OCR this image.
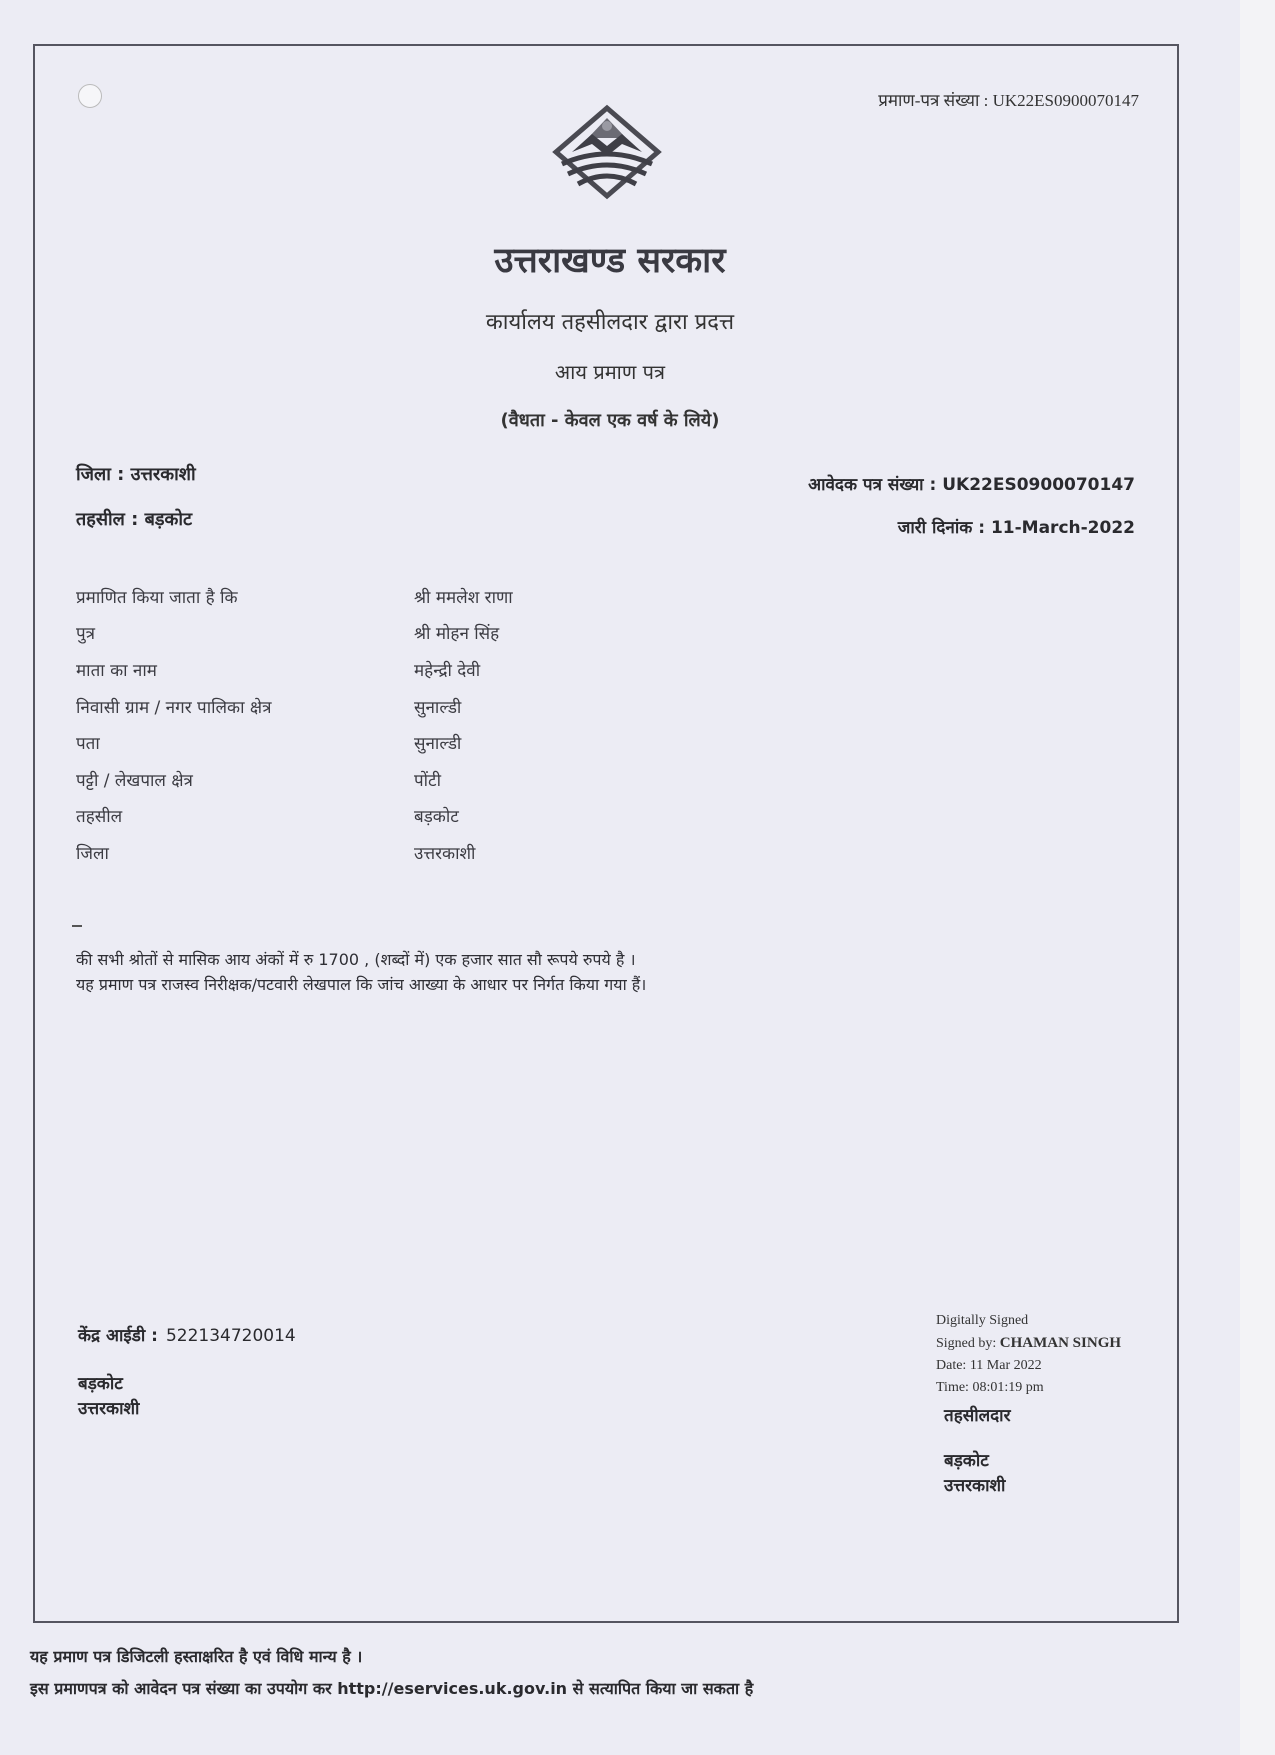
प्रमाण-पत्र संख्या : UK22ES0900070147
उत्तराखण्ड सरकार
कार्यालय तहसीलदार द्वारा प्रदत्त
आय प्रमाण पत्र
(वैधता - केवल एक वर्ष के लिये)
जिला : उत्तरकाशी
तहसील : बड़कोट
आवेदक पत्र संख्या : UK22ES0900070147
जारी दिनांक : 11-March-2022
प्रमाणित किया जाता है कि	श्री ममलेश राणा
पुत्र	श्री मोहन सिंह
माता का नाम	महेन्द्री देवी
निवासी ग्राम / नगर पालिका क्षेत्र	सुनाल्डी
पता	सुनाल्डी
पट्टी / लेखपाल क्षेत्र	पोंटी
तहसील	बड़कोट
जिला	उत्तरकाशी
की सभी श्रोतों से मासिक आय अंकों में रु 1700 , (शब्दों में) एक हजार सात सौ रूपये रुपये है ।
यह प्रमाण पत्र राजस्व निरीक्षक/पटवारी लेखपाल कि जांच आख्या के आधार पर निर्गत किया गया हैं।
केंद्र आईडी : 522134720014
बड़कोट
उत्तरकाशी
Digitally Signed
Signed by: CHAMAN SINGH
Date: 11 Mar 2022
Time: 08:01:19 pm
तहसीलदार
बड़कोट
उत्तरकाशी
यह प्रमाण पत्र डिजिटली हस्ताक्षरित है एवं विधि मान्य है ।
इस प्रमाणपत्र को आवेदन पत्र संख्या का उपयोग कर http://eservices.uk.gov.in से सत्यापित किया जा सकता है
